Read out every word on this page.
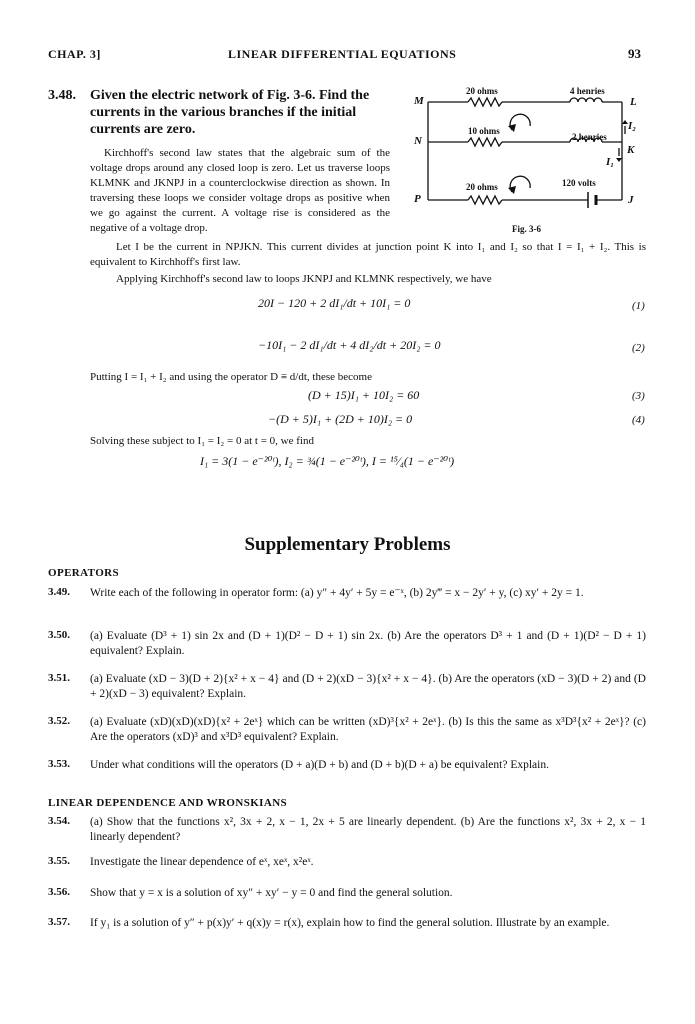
CHAP. 3]	LINEAR DIFFERENTIAL EQUATIONS	93
3.48. Given the electric network of Fig. 3-6. Find the currents in the various branches if the initial currents are zero.

Kirchhoff's second law states that the algebraic sum of the voltage drops around any closed loop is zero. Let us traverse loops KLMNK and JKNPJ in a counterclockwise direction as shown. In traversing these loops we consider voltage drops as positive when we go against the current. A voltage rise is considered as the negative of a voltage drop.

20 ohms	4 henries
10 ohms
2 henries
20 ohms	120 volts
M	L
N
K
P	J
I₂
I₁
Fig. 3-6

Let I be the current in NPJKN. This current divides at junction point K into I₁ and I₂ so that I = I₁ + I₂. This is equivalent to Kirchhoff's first law.

Applying Kirchhoff's second law to loops JKNPJ and KLMNK respectively, we have

20I − 120 + 2 dI₁/dt + 10I₁ = 0	(1)
−10I₁ − 2 dI₁/dt + 4 dI₂/dt + 20I₂ = 0	(2)

Putting I = I₁ + I₂ and using the operator D ≡ d/dt, these become

(D + 15)I₁ + 10I₂ = 60	(3)
−(D + 5)I₁ + (2D + 10)I₂ = 0	(4)

Solving these subject to I₁ = I₂ = 0 at t = 0, we find

I₁ = 3(1 − e⁻²⁰ᵗ), I₂ = ¾(1 − e⁻²⁰ᵗ), I = ¹⁵⁄₄(1 − e⁻²⁰ᵗ)
Supplementary Problems
OPERATORS
3.49. Write each of the following in operator form: (a) y″ + 4y′ + 5y = e⁻ˣ, (b) 2y‴ = x − 2y′ + y, (c) xy′ + 2y = 1.

3.50. (a) Evaluate (D³ + 1) sin 2x and (D + 1)(D² − D + 1) sin 2x. (b) Are the operators D³ + 1 and (D + 1)(D² − D + 1) equivalent? Explain.

3.51. (a) Evaluate (xD − 3)(D + 2){x² + x − 4} and (D + 2)(xD − 3){x² + x − 4}. (b) Are the operators (xD − 3)(D + 2) and (D + 2)(xD − 3) equivalent? Explain.

3.52. (a) Evaluate (xD)(xD)(xD){x² + 2eˣ} which can be written (xD)³{x² + 2eˣ}. (b) Is this the same as x³D³{x² + 2eˣ}? (c) Are the operators (xD)³ and x³D³ equivalent? Explain.

3.53. Under what conditions will the operators (D + a)(D + b) and (D + b)(D + a) be equivalent? Explain.

LINEAR DEPENDENCE AND WRONSKIANS
3.54. (a) Show that the functions x², 3x + 2, x − 1, 2x + 5 are linearly dependent. (b) Are the functions x², 3x + 2, x − 1 linearly dependent?

3.55. Investigate the linear dependence of eˣ, xeˣ, x²eˣ.

3.56. Show that y = x is a solution of xy″ + xy′ − y = 0 and find the general solution.

3.57. If y₁ is a solution of y″ + p(x)y′ + q(x)y = r(x), explain how to find the general solution. Illustrate by an example.
